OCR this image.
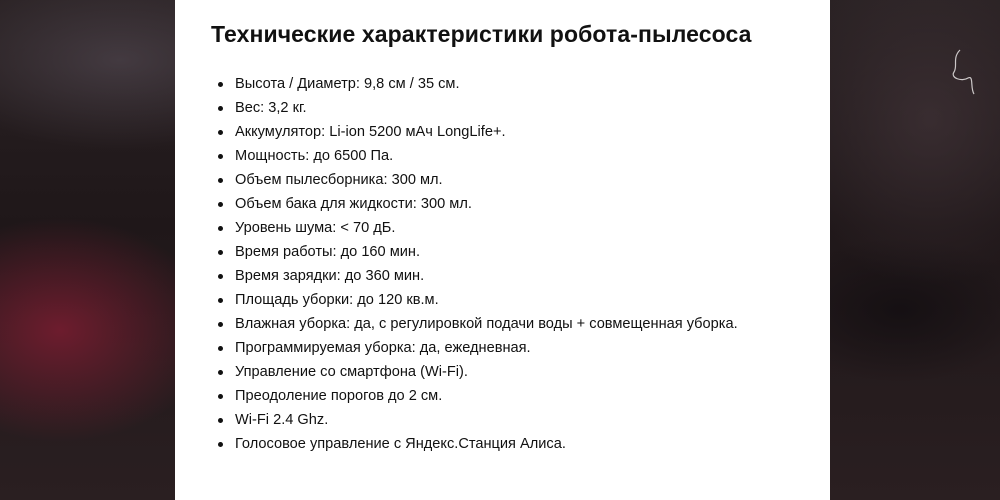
Технические характеристики робота-пылесоса
Высота / Диаметр: 9,8 см / 35 см.
Вес: 3,2 кг.
Аккумулятор: Li-ion 5200 мАч LongLife+.
Мощность: до 6500 Па.
Объем пылесборника: 300 мл.
Объем бака для жидкости: 300 мл.
Уровень шума: < 70 дБ.
Время работы: до 160 мин.
Время зарядки: до 360 мин.
Площадь уборки: до 120 кв.м.
Влажная уборка: да, с регулировкой подачи воды + совмещенная уборка.
Программируемая уборка: да, ежедневная.
Управление со смартфона (Wi-Fi).
Преодоление порогов до 2 см.
Wi-Fi 2.4 Ghz.
Голосовое управление с Яндекс.Станция Алиса.
